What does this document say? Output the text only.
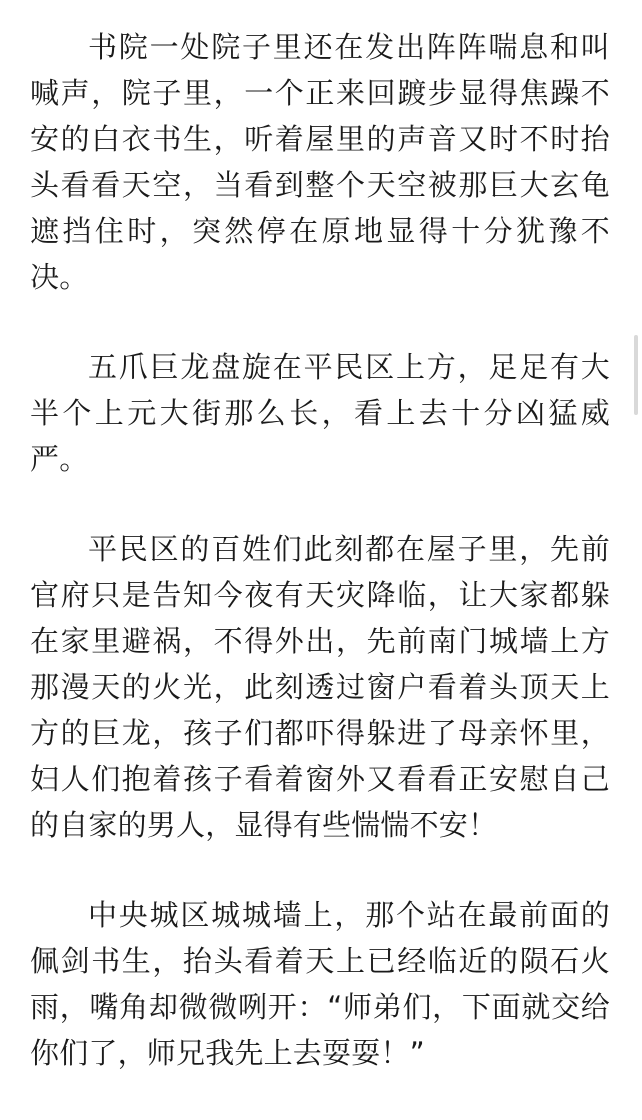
书院一处院子里还在发出阵阵喘息和叫喊声，院子里，一个正来回踱步显得焦躁不安的白衣书生，听着屋里的声音又时不时抬头看看天空，当看到整个天空被那巨大玄龟遮挡住时，突然停在原地显得十分犹豫不决。

五爪巨龙盘旋在平民区上方，足足有大半个上元大街那么长，看上去十分凶猛威严。

平民区的百姓们此刻都在屋子里，先前官府只是告知今夜有天灾降临，让大家都躲在家里避祸，不得外出，先前南门城墙上方那漫天的火光，此刻透过窗户看着头顶天上方的巨龙，孩子们都吓得躲进了母亲怀里，妇人们抱着孩子看着窗外又看看正安慰自己的自家的男人，显得有些惴惴不安！

中央城区城城墙上，那个站在最前面的佩剑书生，抬头看着天上已经临近的陨石火雨，嘴角却微微咧开：“师弟们，下面就交给你们了，师兄我先上去耍耍！”
